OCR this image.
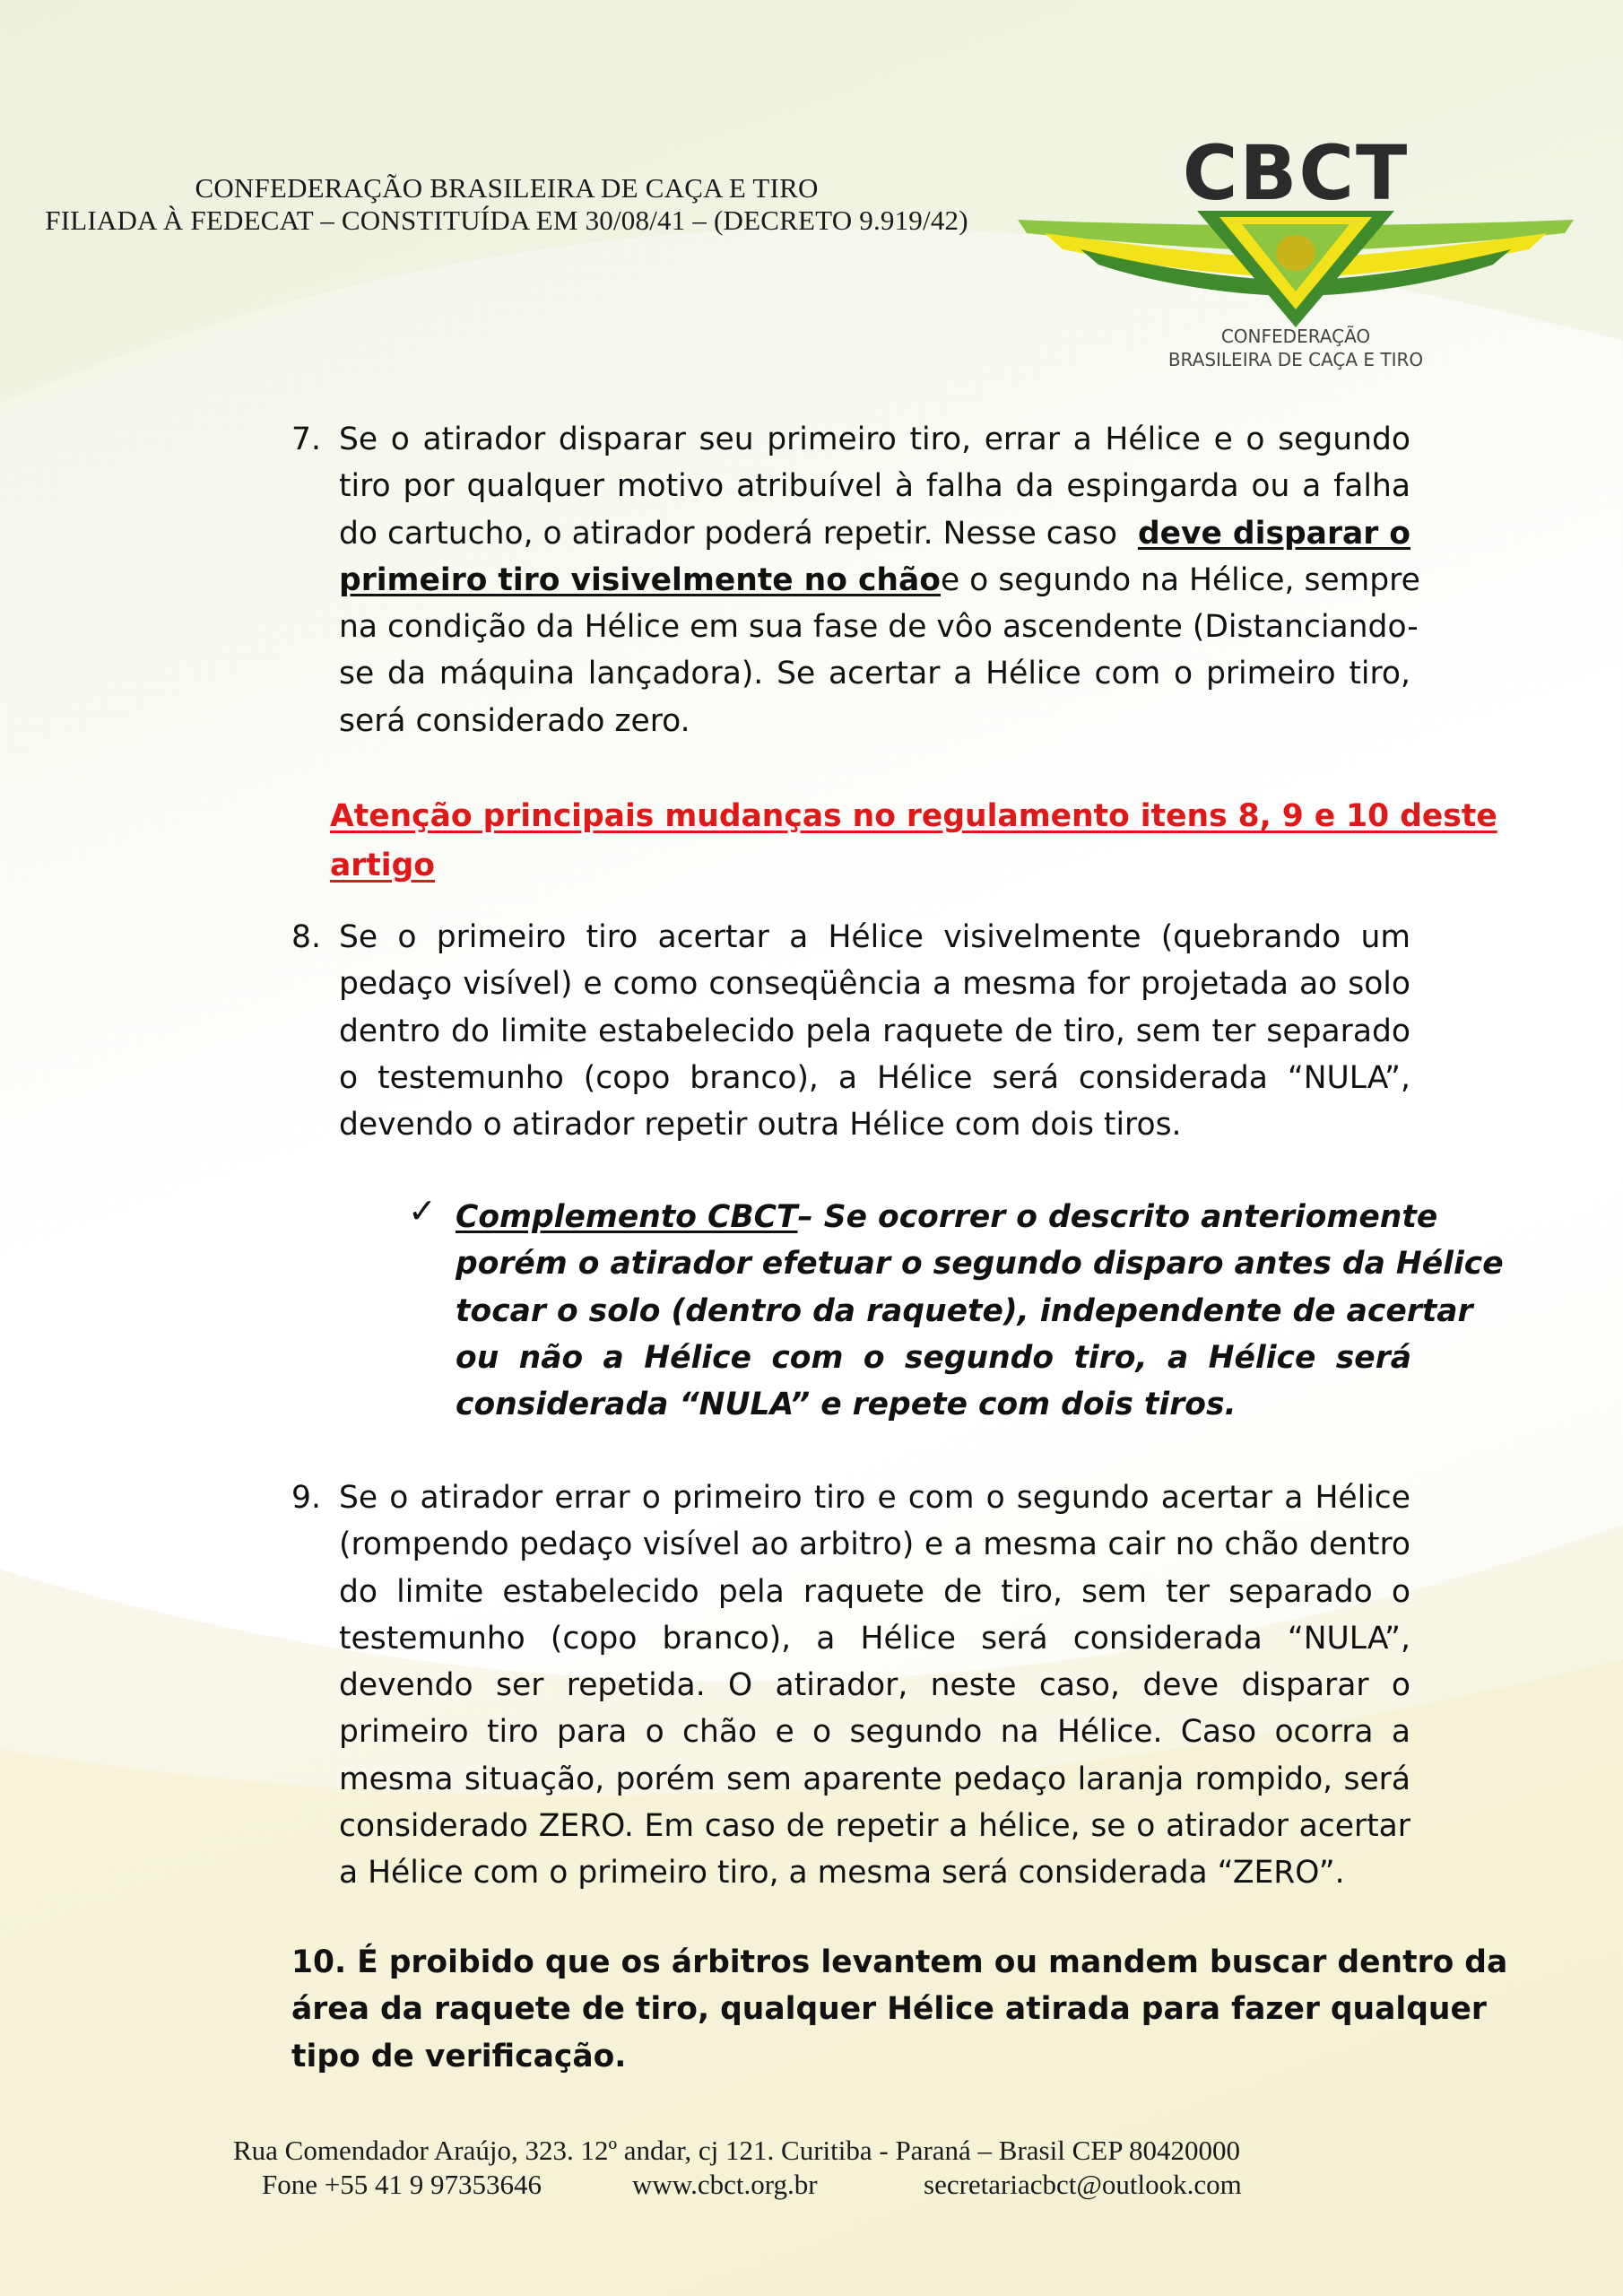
CONFEDERAÇÃO BRASILEIRA DE CAÇA E TIRO
FILIADA À FEDECAT – CONSTITUÍDA EM 30/08/41 – (DECRETO 9.919/42)
CBCT
CONFEDERAÇÃO
BRASILEIRA DE CAÇA E TIRO
7. Se o atirador disparar seu primeiro tiro, errar a Hélice e o segundo
tiro por qualquer motivo atribuível à falha da espingarda ou a falha
do cartucho, o atirador poderá repetir. Nesse caso deve disparar o
primeiro tiro visivelmente no chão e o segundo na Hélice, sempre
na condição da Hélice em sua fase de vôo ascendente (Distanciando-
se da máquina lançadora). Se acertar a Hélice com o primeiro tiro,
será considerado zero.
Atenção principais mudanças no regulamento itens 8, 9 e 10 deste
artigo
8. Se o primeiro tiro acertar a Hélice visivelmente (quebrando um
pedaço visível) e como conseqüência a mesma for projetada ao solo
dentro do limite estabelecido pela raquete de tiro, sem ter separado
o testemunho (copo branco), a Hélice será considerada “NULA”,
devendo o atirador repetir outra Hélice com dois tiros.
✓ Complemento CBCT – Se ocorrer o descrito anteriomente
porém o atirador efetuar o segundo disparo antes da Hélice
tocar o solo (dentro da raquete), independente de acertar
ou não a Hélice com o segundo tiro, a Hélice será
considerada “NULA” e repete com dois tiros.
9. Se o atirador errar o primeiro tiro e com o segundo acertar a Hélice
(rompendo pedaço visível ao arbitro) e a mesma cair no chão dentro
do limite estabelecido pela raquete de tiro, sem ter separado o
testemunho (copo branco), a Hélice será considerada “NULA”,
devendo ser repetida. O atirador, neste caso, deve disparar o
primeiro tiro para o chão e o segundo na Hélice. Caso ocorra a
mesma situação, porém sem aparente pedaço laranja rompido, será
considerado ZERO. Em caso de repetir a hélice, se o atirador acertar
a Hélice com o primeiro tiro, a mesma será considerada “ZERO”.
10. É proibido que os árbitros levantem ou mandem buscar dentro da
área da raquete de tiro, qualquer Hélice atirada para fazer qualquer
tipo de verificação.
Rua Comendador Araújo, 323. 12º andar, cj 121. Curitiba - Paraná – Brasil CEP 80420000
Fone +55 41 9 97353646	www.cbct.org.br	secretariacbct@outlook.com
